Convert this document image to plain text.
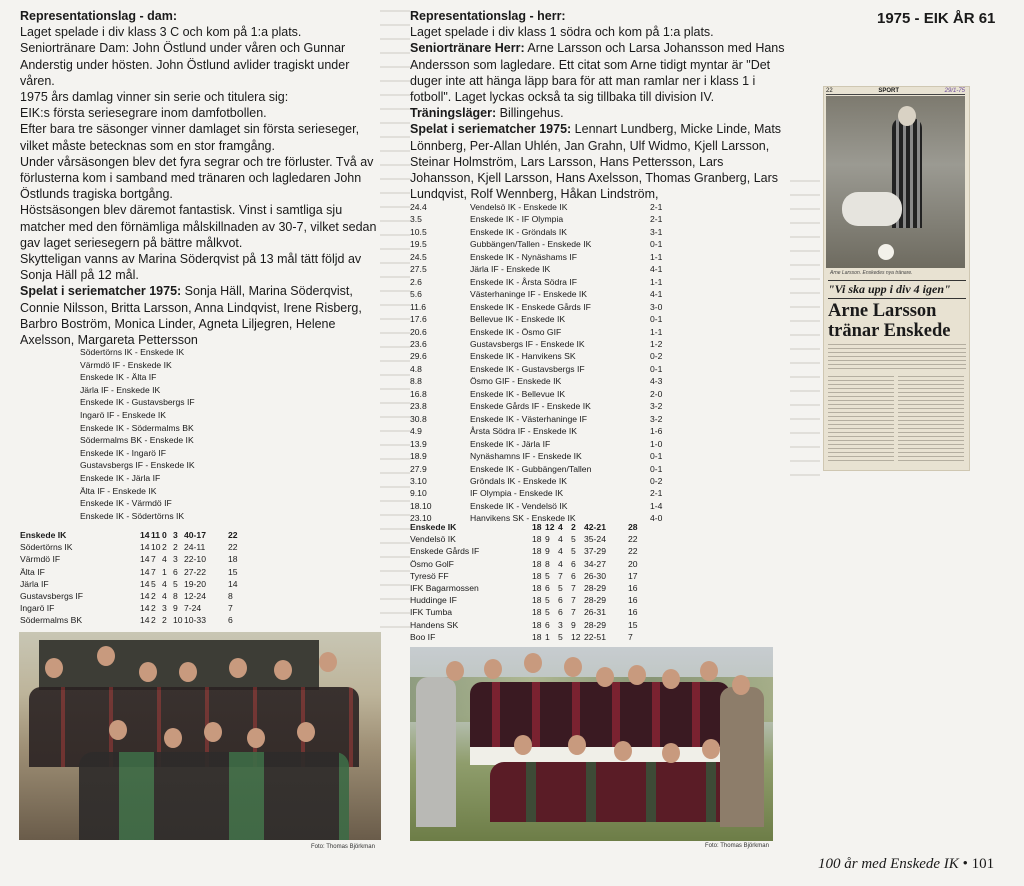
1975 - EIK ÅR 61

Representationslag - dam:

Laget spelade i div klass 3 C och kom på 1:a plats.

Seniortränare Dam: John Östlund under våren och Gunnar Anderstig under hösten. John Östlund avlider tragiskt under våren.

1975 års damlag vinner sin serie och titulera sig:

EIK:s första seriesegrare inom damfotbollen.

Efter bara tre säsonger vinner damlaget sin första serieseger, vilket måste betecknas som en stor framgång.

Under vårsäsongen blev det fyra segrar och tre förluster. Två av förlusterna kom i samband med tränaren och lagledaren John Östlunds tragiska bortgång.

Höstsäsongen blev däremot fantastisk. Vinst i samtliga sju matcher med den förnämliga målskillnaden av 30-7, vilket sedan gav laget seriesegern på bättre målkvot.

Skytteligan vanns av Marina Söderqvist på 13 mål tätt följd av Sonja Häll på 12 mål.

Spelat i seriematcher 1975: Sonja Häll, Marina Söderqvist, Connie Nilsson, Britta Larsson, Anna Lindqvist, Irene Risberg, Barbro Boström, Monica Linder, Agneta Liljegren, Helene Axelsson, Margareta Pettersson

Södertörns IK - Enskede IK
Värmdö IF - Enskede IK
Enskede IK - Älta IF
Järla IF - Enskede IK
Enskede IK - Gustavsbergs IF
Ingarö IF - Enskede IK
Enskede IK - Södermalms BK
Södermalms BK - Enskede IK
Enskede IK - Ingarö IF
Gustavsbergs IF - Enskede IK
Enskede IK - Järla IF
Älta IF - Enskede IK
Enskede IK - Värmdö IF
Enskede IK - Södertörns IK
Enskede IK	14	11	0	3	40-17	22
Södertörns IK	14	10	2	2	24-11	22
Värmdö IF	14	7	4	3	22-10	18
Älta IF	14	7	1	6	27-22	15
Järla IF	14	5	4	5	19-20	14
Gustavsbergs IF	14	2	4	8	12-24	8
Ingarö IF	14	2	3	9	7-24	7
Södermalms BK	14	2	2	10	10-33	6
Foto: Thomas Björkman

Representationslag - herr:

Laget spelade i div klass 1 södra och kom på 1:a plats.

Seniortränare Herr: Arne Larsson och Larsa Johansson med Hans Andersson som lagledare. Ett citat som Arne tidigt myntar är "Det duger inte att hänga läpp bara för att man ramlar ner i klass 1 i fotboll". Laget lyckas också ta sig tillbaka till division IV.

Träningsläger: Billingehus.

Spelat i seriematcher 1975: Lennart Lundberg, Micke Linde, Mats Lönnberg, Per-Allan Uhlén, Jan Grahn, Ulf Widmo, Kjell Larsson, Steinar Holmström, Lars Larsson, Hans Pettersson, Lars Johansson, Kjell Larsson, Hans Axelsson, Thomas Granberg, Lars Lundqvist, Rolf Wennberg, Håkan Lindström,

24.4	Vendelsö IK - Enskede IK	2-1
3.5	Enskede IK - IF Olympia	2-1
10.5	Enskede IK - Gröndals IK	3-1
19.5	Gubbängen/Tallen - Enskede IK	0-1
24.5	Enskede IK - Nynäshams IF	1-1
27.5	Järla IF - Enskede IK	4-1
2.6	Enskede IK - Årsta Södra IF	1-1
5.6	Västerhaninge IF - Enskede IK	4-1
11.6	Enskede IK - Enskede Gårds IF	3-0
17.6	Bellevue IK - Enskede IK	0-1
20.6	Enskede IK - Ösmo GIF	1-1
23.6	Gustavsbergs IF - Enskede IK	1-2
29.6	Enskede IK - Hanvikens SK	0-2
4.8	Enskede IK - Gustavsbergs IF	0-1
8.8	Ösmo GIF - Enskede IK	4-3
16.8	Enskede IK - Bellevue IK	2-0
23.8	Enskede Gårds IF - Enskede IK	3-2
30.8	Enskede IK - Västerhaninge IF	3-2
4.9	Årsta Södra IF - Enskede IK	1-6
13.9	Enskede IK - Järla IF	1-0
18.9	Nynäshamns IF - Enskede IK	0-1
27.9	Enskede IK - Gubbängen/Tallen	0-1
3.10	Gröndals IK - Enskede IK	0-2
9.10	IF Olympia - Enskede IK	2-1
18.10	Enskede IK - Vendelsö IK	1-4
23.10	Hanvikens SK - Enskede IK	4-0
Enskede IK	18	12	4	2	42-21	28
Vendelsö IK	18	9	4	5	35-24	22
Enskede Gårds IF	18	9	4	5	37-29	22
Ösmo GolF	18	8	4	6	34-27	20
Tyresö FF	18	5	7	6	26-30	17
IFK Bagarmossen	18	6	5	7	28-29	16
Huddinge IF	18	5	6	7	28-29	16
IFK Tumba	18	5	6	7	26-31	16
Handens SK	18	6	3	9	28-29	15
Boo IF	18	1	5	12	22-51	7
Foto: Thomas Björkman
22	SPORT	29/1-75
Arne Larsson. Enskedes nya tränare.
"Vi ska upp i div 4 igen"
Arne Larsson tränar Enskede
100 år med Enskede IK • 101
